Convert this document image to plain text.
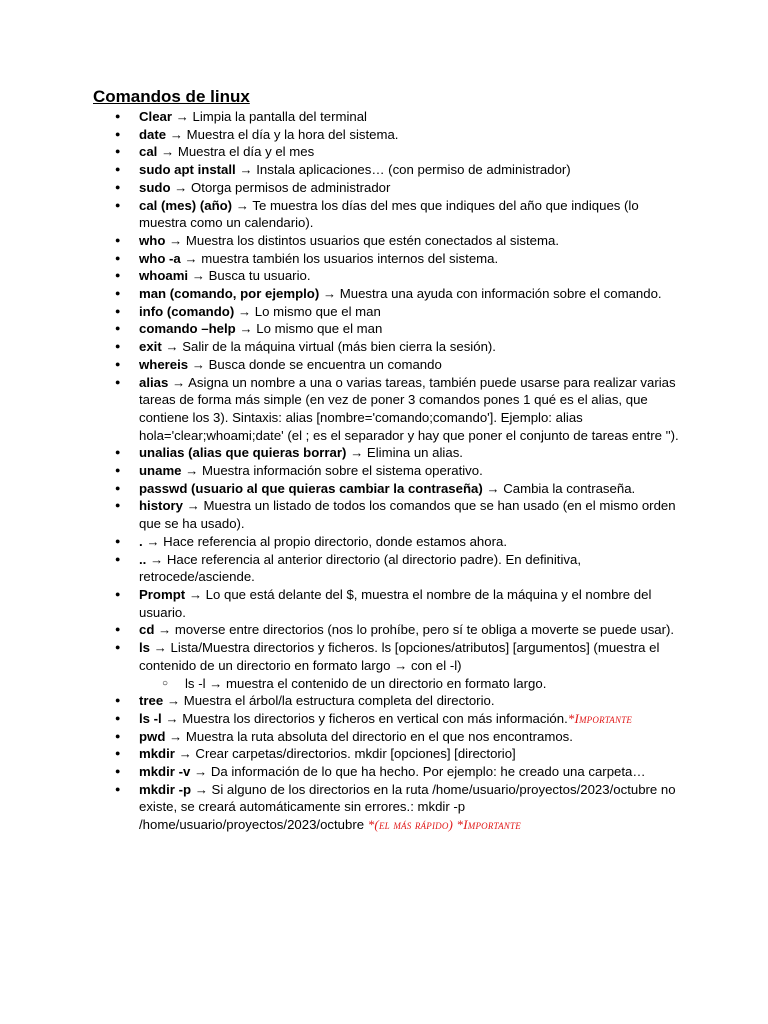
Comandos de linux
● Clear → Limpia la pantalla del terminal
● date → Muestra el día y la hora del sistema.
● cal → Muestra el día y el mes
● sudo apt install → Instala aplicaciones… (con permiso de administrador)
● sudo → Otorga permisos de administrador
● cal (mes) (año) → Te muestra los días del mes que indiques del año que indiques (lo muestra como un calendario).
● who → Muestra los distintos usuarios que estén conectados al sistema.
● who -a → muestra también los usuarios internos del sistema.
● whoami → Busca tu usuario.
● man (comando, por ejemplo) → Muestra una ayuda con información sobre el comando.
● info (comando) → Lo mismo que el man
● comando –help → Lo mismo que el man
● exit → Salir de la máquina virtual (más bien cierra la sesión).
● whereis → Busca donde se encuentra un comando
● alias → Asigna un nombre a una o varias tareas, también puede usarse para realizar varias tareas de forma más simple (en vez de poner 3 comandos pones 1 qué es el alias, que contiene los 3). Sintaxis: alias [nombre='comando;comando']. Ejemplo: alias hola='clear;whoami;date' (el ; es el separador y hay que poner el conjunto de tareas entre '').
● unalias (alias que quieras borrar) → Elimina un alias.
● uname → Muestra información sobre el sistema operativo.
● passwd (usuario al que quieras cambiar la contraseña) → Cambia la contraseña.
● history → Muestra un listado de todos los comandos que se han usado (en el mismo orden que se ha usado).
● . → Hace referencia al propio directorio, donde estamos ahora.
● .. → Hace referencia al anterior directorio (al directorio padre). En definitiva, retrocede/asciende.
● Prompt → Lo que está delante del $, muestra el nombre de la máquina y el nombre del usuario.
● cd → moverse entre directorios (nos lo prohíbe, pero sí te obliga a moverte se puede usar).
● ls → Lista/Muestra directorios y ficheros. ls [opciones/atributos] [argumentos] (muestra el contenido de un directorio en formato largo → con el -l)
○ ls -l → muestra el contenido de un directorio en formato largo.
● tree → Muestra el árbol/la estructura completa del directorio.
● ls -l → Muestra los directorios y ficheros en vertical con más información.*Importante
● pwd → Muestra la ruta absoluta del directorio en el que nos encontramos.
● mkdir → Crear carpetas/directorios. mkdir [opciones] [directorio]
● mkdir -v → Da información de lo que ha hecho. Por ejemplo: he creado una carpeta…
● mkdir -p → Si alguno de los directorios en la ruta /home/usuario/proyectos/2023/octubre no existe, se creará automáticamente sin errores.: mkdir -p /home/usuario/proyectos/2023/octubre *(el más rápido) *Importante
